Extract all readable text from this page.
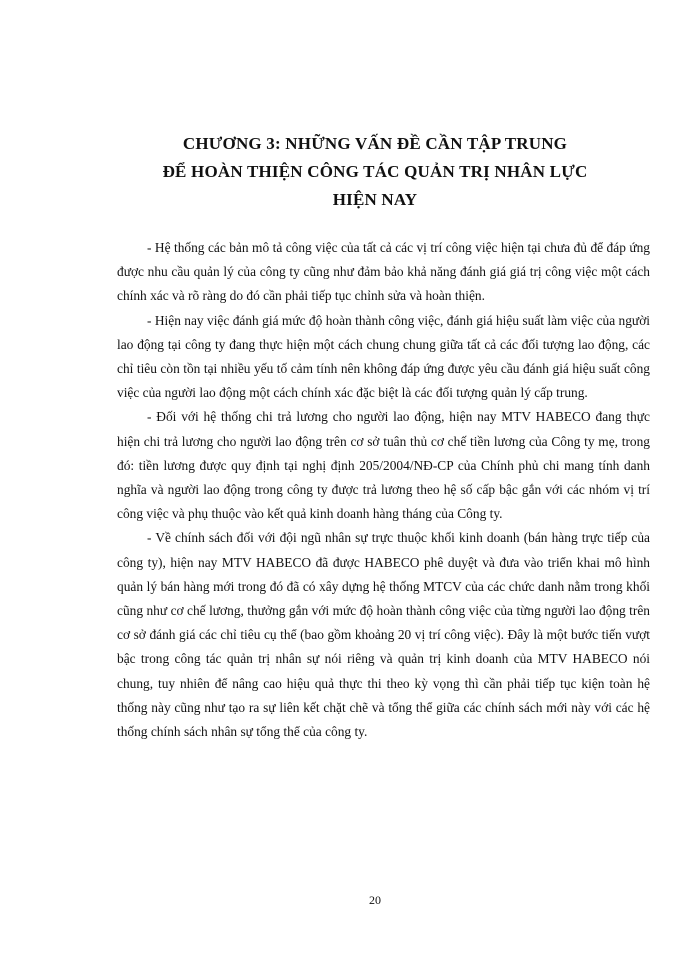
CHƯƠNG 3: NHỮNG VẤN ĐỀ CẦN TẬP TRUNG
ĐỂ HOÀN THIỆN CÔNG TÁC QUẢN TRỊ NHÂN LỰC
HIỆN NAY

- Hệ thống các bản mô tả công việc của tất cả các vị trí công việc hiện tại chưa đủ để đáp ứng được nhu cầu quản lý của công ty cũng như đảm bảo khả năng đánh giá giá trị công việc một cách chính xác và rõ ràng do đó cần phải tiếp tục chỉnh sửa và hoàn thiện.

- Hiện nay việc đánh giá mức độ hoàn thành công việc, đánh giá hiệu suất làm việc của người lao động tại công ty đang thực hiện một cách chung chung giữa tất cả các đối tượng lao động, các chỉ tiêu còn tồn tại nhiều yếu tố cảm tính nên không đáp ứng được yêu cầu đánh giá hiệu suất công việc của người lao động một cách chính xác đặc biệt là các đối tượng quản lý cấp trung.

- Đối với hệ thống chi trả lương cho người lao động, hiện nay MTV HABECO đang thực hiện chi trả lương cho người lao động trên cơ sở tuân thủ cơ chế tiền lương của Công ty mẹ, trong đó: tiền lương được quy định tại nghị định 205/2004/NĐ-CP của Chính phủ chi mang tính danh nghĩa và người lao động trong công ty được trả lương theo hệ số cấp bậc gắn với các nhóm vị trí công việc và phụ thuộc vào kết quả kinh doanh hàng tháng của Công ty.

- Về chính sách đối với đội ngũ nhân sự trực thuộc khối kinh doanh (bán hàng trực tiếp của công ty), hiện nay MTV HABECO đã được HABECO phê duyệt và đưa vào triển khai mô hình quản lý bán hàng mới trong đó đã có xây dựng hệ thống MTCV của các chức danh nằm trong khối cũng như cơ chế lương, thưởng gắn với mức độ hoàn thành công việc của từng người lao động trên cơ sở đánh giá các chỉ tiêu cụ thể (bao gồm khoảng 20 vị trí công việc). Đây là một bước tiến vượt bậc trong công tác quản trị nhân sự nói riêng và quản trị kinh doanh của MTV HABECO nói chung, tuy nhiên để nâng cao hiệu quả thực thi theo kỳ vọng thì cần phải tiếp tục kiện toàn hệ thống này cũng như tạo ra sự liên kết chặt chẽ và tổng thể giữa các chính sách mới này với các hệ thống chính sách nhân sự tổng thể của công ty.

20
